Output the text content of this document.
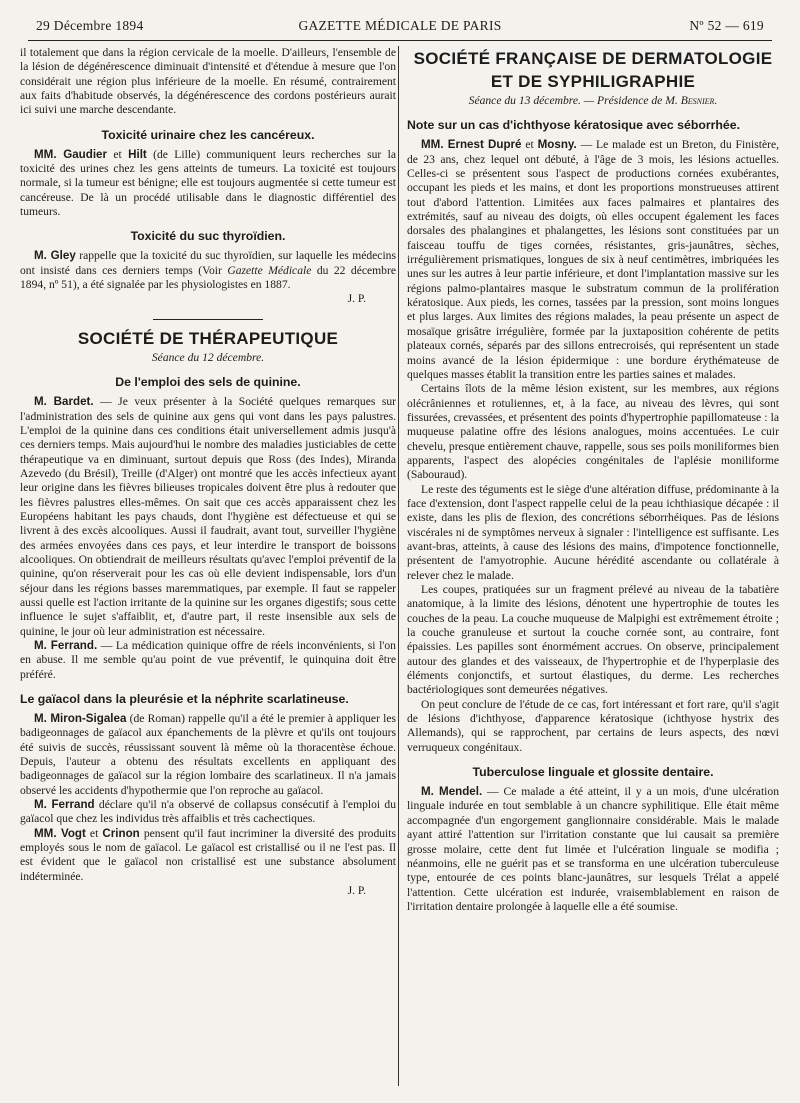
29 Décembre 1894	GAZETTE MÉDICALE DE PARIS	Nº 52 — 619

il totalement que dans la région cervicale de la moelle. D'ailleurs, l'ensemble de la lésion de dégénérescence diminuait d'intensité et d'étendue à mesure que l'on considérait une région plus inférieure de la moelle. En résumé, contrairement aux faits d'habitude observés, la dégénérescence des cordons postérieurs aurait ici suivi une marche descendante.

Toxicité urinaire chez les cancéreux.

MM. Gaudier et Hilt (de Lille) communiquent leurs recherches sur la toxicité des urines chez les gens atteints de tumeurs. La toxicité est toujours normale, si la tumeur est bénigne; elle est toujours augmentée si cette tumeur est cancéreuse. De là un procédé utilisable dans le diagnostic différentiel des tumeurs.

Toxicité du suc thyroïdien.

M. Gley rappelle que la toxicité du suc thyroïdien, sur laquelle les médecins ont insisté dans ces derniers temps (Voir Gazette Médicale du 22 décembre 1894, nº 51), a été signalée par les physiologistes en 1887.

J. P.

SOCIÉTÉ DE THÉRAPEUTIQUE

Séance du 12 décembre.

De l'emploi des sels de quinine.

M. Bardet. — Je veux présenter à la Société quelques remarques sur l'administration des sels de quinine aux gens qui vont dans les pays palustres. L'emploi de la quinine dans ces conditions était universellement admis jusqu'à ces derniers temps. Mais aujourd'hui le nombre des maladies justiciables de cette thérapeutique va en diminuant, surtout depuis que Ross (des Indes), Miranda Azevedo (du Brésil), Treille (d'Alger) ont montré que les accès infectieux ayant leur origine dans les fièvres bilieuses tropicales doivent être plus à redouter que les fièvres palustres elles-mêmes. On sait que ces accès apparaissent chez les Européens habitant les pays chauds, dont l'hygiène est défectueuse et qui se livrent à des excès alcooliques. Aussi il faudrait, avant tout, surveiller l'hygiène des armées envoyées dans ces pays, et leur interdire le transport de boissons alcooliques. On obtiendrait de meilleurs résultats qu'avec l'emploi préventif de la quinine, qu'on réserverait pour les cas où elle devient indispensable, lors d'un séjour dans les régions basses maremmatiques, par exemple. Il faut se rappeler aussi quelle est l'action irritante de la quinine sur les organes digestifs; sous cette influence le sujet s'affaiblit, et, d'autre part, il reste insensible aux sels de quinine, le jour où leur administration est nécessaire.

M. Ferrand. — La médication quinique offre de réels inconvénients, si l'on en abuse. Il me semble qu'au point de vue préventif, le quinquina doit être préféré.

Le gaïacol dans la pleurésie et la néphrite scarlatineuse.

M. Miron-Sigalea (de Roman) rappelle qu'il a été le premier à appliquer les badigeonnages de gaïacol aux épanchements de la plèvre et qu'ils ont toujours été suivis de succès, réussissant souvent là même où la thoracentèse échoue. Depuis, l'auteur a obtenu des résultats excellents en appliquant des badigeonnages de gaïacol sur la région lombaire des scarlatineux. Il n'a jamais observé les accidents d'hypothermie que l'on reproche au gaïacol.

M. Ferrand déclare qu'il n'a observé de collapsus consécutif à l'emploi du gaïacol que chez les individus très affaiblis et très cachectiques.

MM. Vogt et Crinon pensent qu'il faut incriminer la diversité des produits employés sous le nom de gaïacol. Le gaïacol est cristallisé ou il ne l'est pas. Il est évident que le gaïacol non cristallisé est une substance absolument indéterminée.

J. P.

SOCIÉTÉ FRANÇAISE DE DERMATOLOGIE
ET DE SYPHILIGRAPHIE

Séance du 13 décembre. — Présidence de M. Besnier.

Note sur un cas d'ichthyose kératosique avec séborrhée.

MM. Ernest Dupré et Mosny. — Le malade est un Breton, du Finistère, de 23 ans, chez lequel ont débuté, à l'âge de 3 mois, les lésions actuelles. Celles-ci se présentent sous l'aspect de productions cornées exubérantes, occupant les pieds et les mains, et dont les proportions monstrueuses attirent tout d'abord l'attention. Limitées aux faces palmaires et plantaires des extrémités, sauf au niveau des doigts, où elles occupent également les faces dorsales des phalangines et phalangettes, les lésions sont constituées par un faisceau touffu de tiges cornées, résistantes, gris-jaunâtres, sèches, irrégulièrement prismatiques, longues de six à neuf centimètres, imbriquées les unes sur les autres à leur partie inférieure, et dont l'implantation massive sur les régions palmo-plantaires masque le substratum commun de la prolifération kératosique. Aux pieds, les cornes, tassées par la pression, sont moins longues et plus larges. Aux limites des régions malades, la peau présente un aspect de mosaïque grisâtre irrégulière, formée par la juxtaposition cohérente de petits plateaux cornés, séparés par des sillons entrecroisés, qui représentent un stade moins avancé de la lésion épidermique : une bordure érythémateuse de quelques masses établit la transition entre les parties saines et malades.

Certains îlots de la même lésion existent, sur les membres, aux régions olécrâniennes et rotuliennes, et, à la face, au niveau des lèvres, qui sont fissurées, crevassées, et présentent des points d'hypertrophie papillomateuse : la muqueuse palatine offre des lésions analogues, moins accentuées. Le cuir chevelu, presque entièrement chauve, rappelle, sous ses poils moniliformes bien apparents, l'aspect des alopécies congénitales de l'aplésie moniliforme (Sabouraud).

Le reste des téguments est le siège d'une altération diffuse, prédominante à la face d'extension, dont l'aspect rappelle celui de la peau ichthiasique décapée : il existe, dans les plis de flexion, des concrétions séborrhéiques. Pas de lésions viscérales ni de symptômes nerveux à signaler : l'intelligence est suffisante. Les avant-bras, atteints, à cause des lésions des mains, d'impotence fonctionnelle, présentent de l'amyotrophie. Aucune hérédité ascendante ou collatérale à relever chez le malade.

Les coupes, pratiquées sur un fragment prélevé au niveau de la tabatière anatomique, à la limite des lésions, dénotent une hypertrophie de toutes les couches de la peau. La couche muqueuse de Malpighi est extrêmement étroite ; la couche granuleuse et surtout la couche cornée sont, au contraire, font épaissies. Les papilles sont énormément accrues. On observe, principalement autour des glandes et des vaisseaux, de l'hypertrophie et de l'hyperplasie des éléments conjonctifs, et surtout élastiques, du derme. Les recherches bactériologiques sont demeurées négatives.

On peut conclure de l'étude de ce cas, fort intéressant et fort rare, qu'il s'agit de lésions d'ichthyose, d'apparence kératosique (ichthyose hystrix des Allemands), qui se rapprochent, par certains de leurs aspects, des nœvi verruqueux congénitaux.

Tuberculose linguale et glossite dentaire.

M. Mendel. — Ce malade a été atteint, il y a un mois, d'une ulcération linguale indurée en tout semblable à un chancre syphilitique. Elle était même accompagnée d'un engorgement ganglionnaire considérable. Mais le malade ayant attiré l'attention sur l'irritation constante que lui causait sa première grosse molaire, cette dent fut limée et l'ulcération linguale se modifia ; néanmoins, elle ne guérit pas et se transforma en une ulcération tuberculeuse type, entourée de ces points blanc-jaunâtres, sur lesquels Trélat a appelé l'attention. Cette ulcération est indurée, vraisemblablement en raison de l'irritation dentaire prolongée à laquelle elle a été soumise.
